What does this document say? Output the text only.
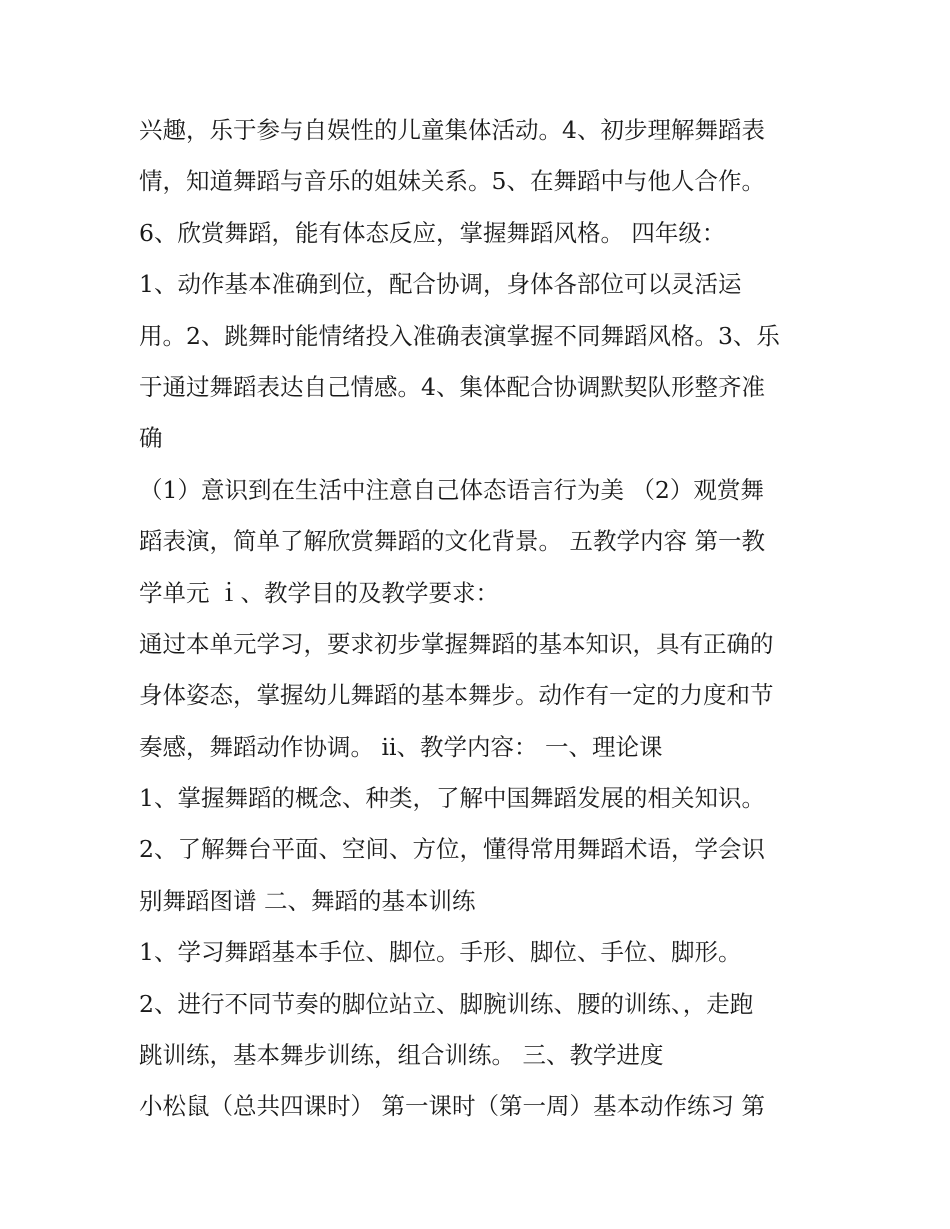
兴趣，乐于参与自娱性的儿童集体活动。4、初步理解舞蹈表
情，知道舞蹈与音乐的姐妹关系。5、在舞蹈中与他人合作。
6、欣赏舞蹈，能有体态反应，掌握舞蹈风格。 四年级：
1、动作基本准确到位，配合协调，身体各部位可以灵活运
用。2、跳舞时能情绪投入准确表演掌握不同舞蹈风格。3、乐
于通过舞蹈表达自己情感。4、集体配合协调默契队形整齐准
确
（1）意识到在生活中注意自己体态语言行为美 （2）观赏舞
蹈表演，简单了解欣赏舞蹈的文化背景。 五教学内容 第一教
学单元 ｉ、教学目的及教学要求：
通过本单元学习，要求初步掌握舞蹈的基本知识，具有正确的
身体姿态，掌握幼儿舞蹈的基本舞步。动作有一定的力度和节
奏感，舞蹈动作协调。 ⅱ、教学内容： 一、理论课
1、掌握舞蹈的概念、种类，了解中国舞蹈发展的相关知识。
2、了解舞台平面、空间、方位，懂得常用舞蹈术语，学会识
别舞蹈图谱 二、舞蹈的基本训练
1、学习舞蹈基本手位、脚位。手形、脚位、手位、脚形。
2、进行不同节奏的脚位站立、脚腕训练、腰的训练、，走跑
跳训练，基本舞步训练，组合训练。 三、教学进度
小松鼠（总共四课时） 第一课时（第一周）基本动作练习 第
